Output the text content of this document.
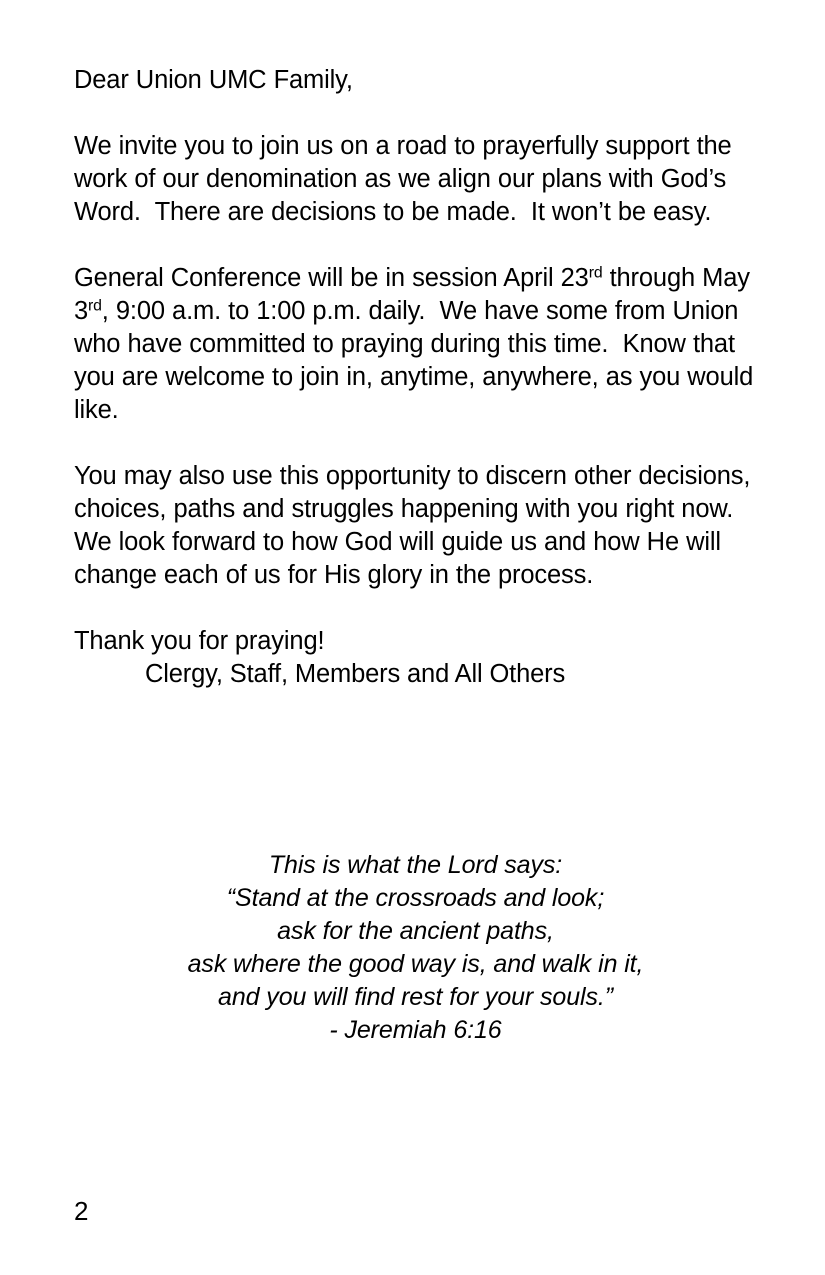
Dear Union UMC Family,

We invite you to join us on a road to prayerfully support the work of our denomination as we align our plans with God’s Word.  There are decisions to be made.  It won’t be easy.

General Conference will be in session April 23rd through May 3rd, 9:00 a.m. to 1:00 p.m. daily.  We have some from Union who have committed to praying during this time.  Know that you are welcome to join in, anytime, anywhere, as you would like.

You may also use this opportunity to discern other decisions, choices, paths and struggles happening with you right now.  We look forward to how God will guide us and how He will change each of us for His glory in the process.

Thank you for praying!
Clergy, Staff, Members and All Others

This is what the Lord says:
“Stand at the crossroads and look;
ask for the ancient paths,
ask where the good way is, and walk in it,
and you will find rest for your souls.”
- Jeremiah 6:16
2
